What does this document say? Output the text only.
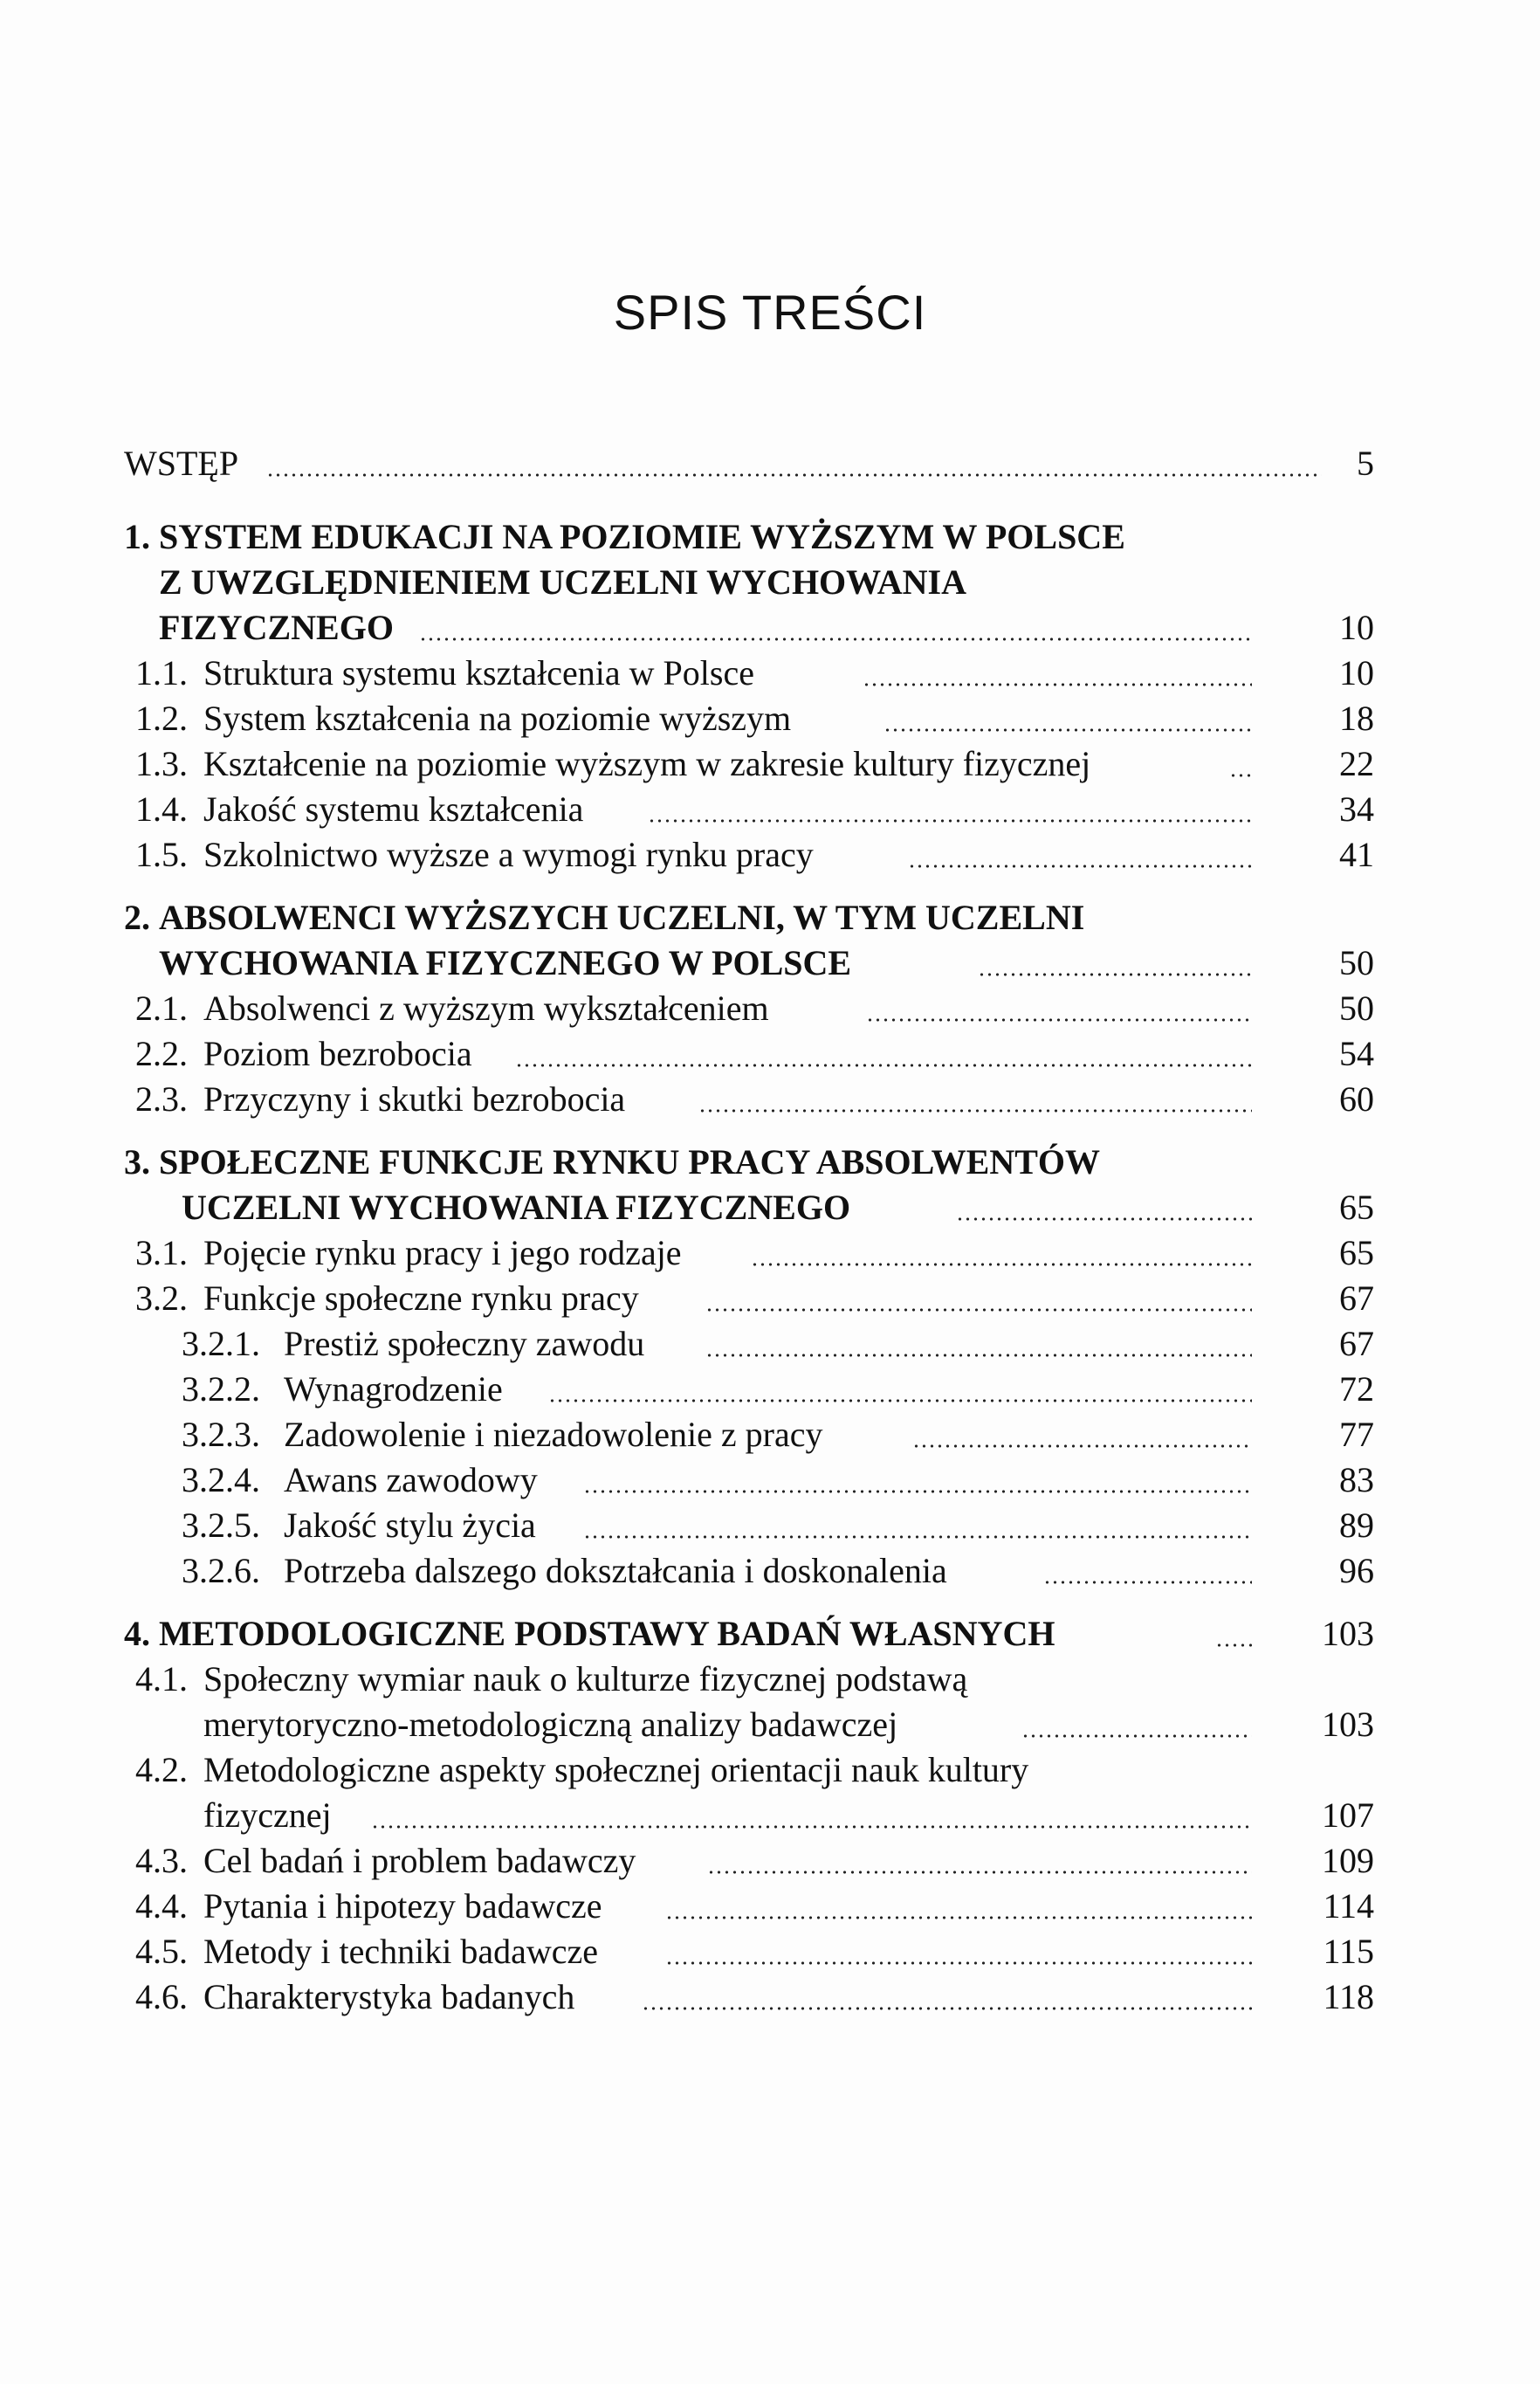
SPIS TREŚCI
WSTĘP	5
1. SYSTEM EDUKACJI NA POZIOMIE WYŻSZYM W POLSCE
Z UWZGLĘDNIENIEM UCZELNI WYCHOWANIA
FIZYCZNEGO	10
1.1. Struktura systemu kształcenia w Polsce	10
1.2. System kształcenia na poziomie wyższym	18
1.3. Kształcenie na poziomie wyższym w zakresie kultury fizycznej	22
1.4. Jakość systemu kształcenia	34
1.5. Szkolnictwo wyższe a wymogi rynku pracy	41
2. ABSOLWENCI WYŻSZYCH UCZELNI, W TYM UCZELNI
WYCHOWANIA FIZYCZNEGO W POLSCE	50
2.1. Absolwenci z wyższym wykształceniem	50
2.2. Poziom bezrobocia	54
2.3. Przyczyny i skutki bezrobocia	60
3. SPOŁECZNE FUNKCJE RYNKU PRACY ABSOLWENTÓW
UCZELNI WYCHOWANIA FIZYCZNEGO	65
3.1. Pojęcie rynku pracy i jego rodzaje	65
3.2. Funkcje społeczne rynku pracy	67
3.2.1. Prestiż społeczny zawodu	67
3.2.2. Wynagrodzenie	72
3.2.3. Zadowolenie i niezadowolenie z pracy	77
3.2.4. Awans zawodowy	83
3.2.5. Jakość stylu życia	89
3.2.6. Potrzeba dalszego dokształcania i doskonalenia	96
4. METODOLOGICZNE PODSTAWY BADAŃ WŁASNYCH	103
4.1. Społeczny wymiar nauk o kulturze fizycznej podstawą
merytoryczno-metodologiczną analizy badawczej	103
4.2. Metodologiczne aspekty społecznej orientacji nauk kultury
fizycznej	107
4.3. Cel badań i problem badawczy	109
4.4. Pytania i hipotezy badawcze	114
4.5. Metody i techniki badawcze	115
4.6. Charakterystyka badanych	118
